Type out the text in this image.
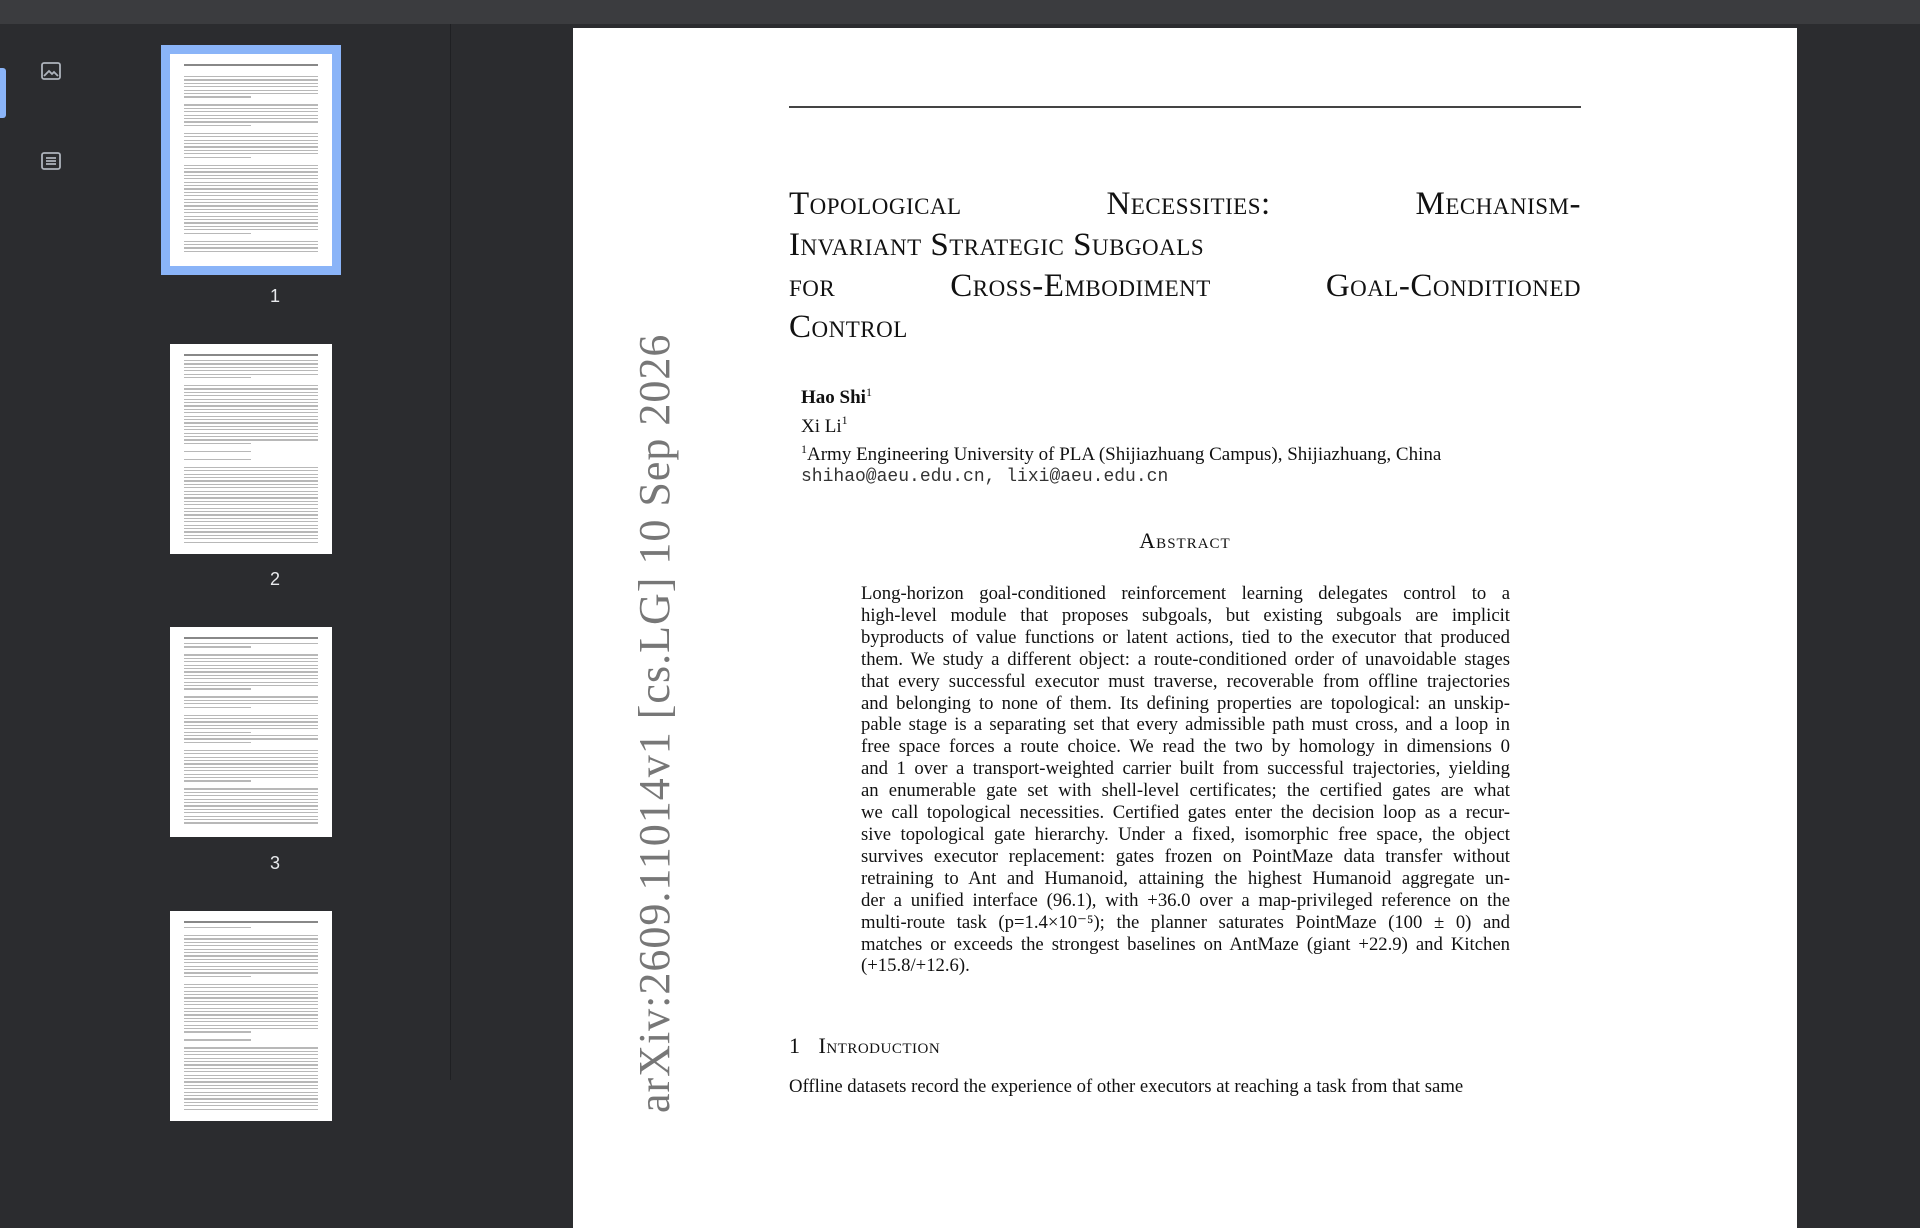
1
2
3
Topological	Necessities:	Mechanism-
Invariant Strategic Subgoals
for	Cross-Embodiment	Goal-Conditioned
Control
Hao Shi$^1$
Xi Li$^1$
$^1$Army Engineering University of PLA (Shijiazhuang Campus), Shijiazhuang, China
shihao@aeu.edu.cn, lixi@aeu.edu.cn
Abstract
Long-horizon goal-conditioned reinforcement learning delegates control to a
high-level module that proposes subgoals, but existing subgoals are implicit
byproducts of value functions or latent actions, tied to the executor that produced
them. We study a different object: a route-conditioned order of unavoidable stages
that every successful executor must traverse, recoverable from offline trajectories
and belonging to none of them. Its defining properties are topological: an unskip-
pable stage is a separating set that every admissible path must cross, and a loop in
free space forces a route choice. We read the two by homology in dimensions 0
and 1 over a transport-weighted carrier built from successful trajectories, yielding
an enumerable gate set with shell-level certificates; the certified gates are what
we call topological necessities. Certified gates enter the decision loop as a recur-
sive topological gate hierarchy. Under a fixed, isomorphic free space, the object
survives executor replacement: gates frozen on PointMaze data transfer without
retraining to Ant and Humanoid, attaining the highest Humanoid aggregate un-
der a unified interface (96.1), with +36.0 over a map-privileged reference on the
multi-route task (p=1.4×10⁻⁵); the planner saturates PointMaze (100 ± 0) and
matches or exceeds the strongest baselines on AntMaze (giant +22.9) and Kitchen
(+15.8/+12.6).
1 Introduction
Offline datasets record the experience of other executors at reaching a task from that same
arXiv:2609.11014v1 [cs.LG] 10 Sep 2026
